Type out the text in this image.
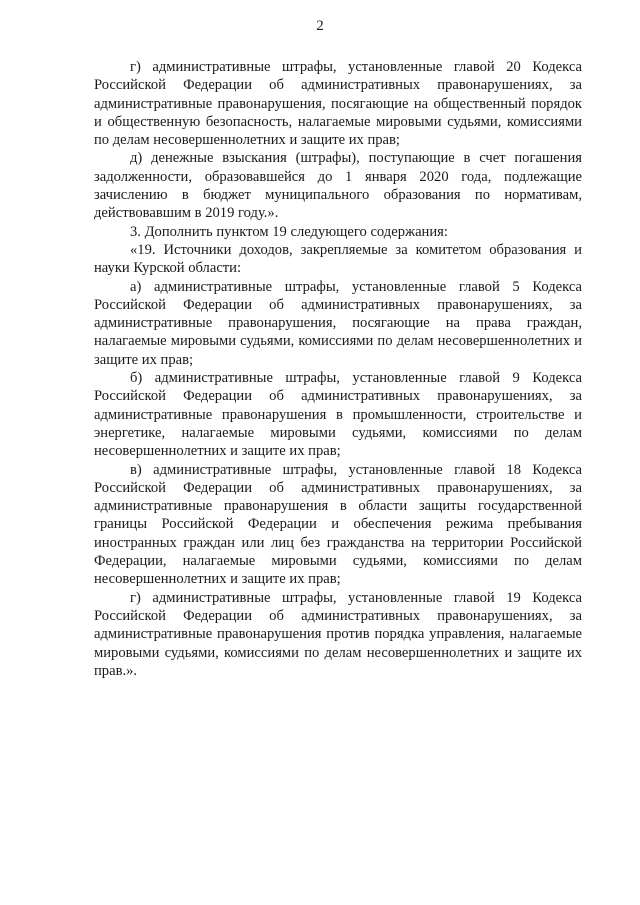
2

г) административные штрафы, установленные главой 20 Кодекса Российской Федерации об административных правонарушениях, за административные правонарушения, посягающие на общественный порядок и общественную безопасность, налагаемые мировыми судьями, комиссиями по делам несовершеннолетних и защите их прав;

д) денежные взыскания (штрафы), поступающие в счет погашения задолженности, образовавшейся до 1 января 2020 года, подлежащие зачислению в бюджет муниципального образования по нормативам, действовавшим в 2019 году.».

3. Дополнить пунктом 19 следующего содержания:

«19. Источники доходов, закрепляемые за комитетом образования и науки Курской области:

а) административные штрафы, установленные главой 5 Кодекса Российской Федерации об административных правонарушениях, за административные правонарушения, посягающие на права граждан, налагаемые мировыми судьями, комиссиями по делам несовершеннолетних и защите их прав;

б) административные штрафы, установленные главой 9 Кодекса Российской Федерации об административных правонарушениях, за административные правонарушения в промышленности, строительстве и энергетике, налагаемые мировыми судьями, комиссиями по делам несовершеннолетних и защите их прав;

в) административные штрафы, установленные главой 18 Кодекса Российской Федерации об административных правонарушениях, за административные правонарушения в области защиты государственной границы Российской Федерации и обеспечения режима пребывания иностранных граждан или лиц без гражданства на территории Российской Федерации, налагаемые мировыми судьями, комиссиями по делам несовершеннолетних и защите их прав;

г) административные штрафы, установленные главой 19 Кодекса Российской Федерации об административных правонарушениях, за административные правонарушения против порядка управления, налагаемые мировыми судьями, комиссиями по делам несовершеннолетних и защите их прав.».
